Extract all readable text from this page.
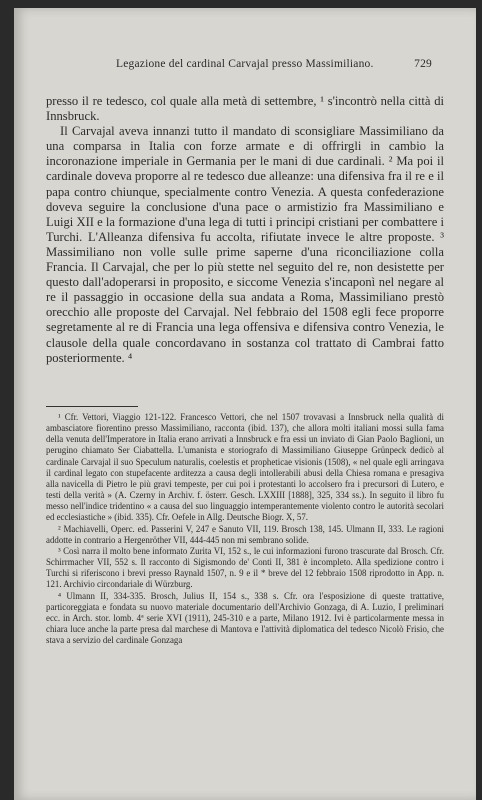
Legazione del cardinal Carvajal presso Massimiliano.	729

presso il re tedesco, col quale alla metà di settembre, ¹ s'incontrò nella città di Innsbruck.

Il Carvajal aveva innanzi tutto il mandato di sconsigliare Massimiliano da una comparsa in Italia con forze armate e di offrirgli in cambio la incoronazione imperiale in Germania per le mani di due cardinali. ² Ma poi il cardinale doveva proporre al re tedesco due alleanze: una difensiva fra il re e il papa contro chiunque, specialmente contro Venezia. A questa confederazione doveva seguire la conclusione d'una pace o armistizio fra Massimiliano e Luigi XII e la formazione d'una lega di tutti i principi cristiani per combattere i Turchi. L'Alleanza difensiva fu accolta, rifiutate invece le altre proposte. ³ Massimiliano non volle sulle prime saperne d'una riconciliazione colla Francia. Il Carvajal, che per lo più stette nel seguito del re, non desistette per questo dall'adoperarsi in proposito, e siccome Venezia s'incaponì nel negare al re il passaggio in occasione della sua andata a Roma, Massimiliano prestò orecchio alle proposte del Carvajal. Nel febbraio del 1508 egli fece proporre segretamente al re di Francia una lega offensiva e difensiva contro Venezia, le clausole della quale concordavano in sostanza col trattato di Cambrai fatto posteriormente. ⁴

¹ Cfr. Vettori, Viaggio 121-122. Francesco Vettori, che nel 1507 trovavasi a Innsbruck nella qualità di ambasciatore fiorentino presso Massimiliano, racconta (ibid. 137), che allora molti italiani mossi sulla fama della venuta dell'Imperatore in Italia erano arrivati a Innsbruck e fra essi un inviato di Gian Paolo Baglioni, un perugino chiamato Ser Ciabattella. L'umanista e storiografo di Massimiliano Giuseppe Grünpeck dedicò al cardinale Carvajal il suo Speculum naturalis, coelestis et propheticae visionis (1508), « nel quale egli arringava il cardinal legato con stupefacente arditezza a causa degli intollerabili abusi della Chiesa romana e presagiva alla navicella di Pietro le più gravi tempeste, per cui poi i protestanti lo accolsero fra i precursori di Lutero, e testi della verità » (A. Czerny in Archiv. f. österr. Gesch. LXXIII [1888], 325, 334 ss.). In seguito il libro fu messo nell'indice tridentino « a causa del suo linguaggio intemperantemente violento contro le autorità secolari ed ecclesiastiche » (ibid. 335). Cfr. Oefele in Allg. Deutsche Biogr. X, 57.

² Machiavelli, Operc. ed. Passerini V, 247 e Sanuto VII, 119. Brosch 138, 145. Ulmann II, 333. Le ragioni addotte in contrario a Hergenröther VII, 444-445 non mi sembrano solide.

³ Così narra il molto bene informato Zurita VI, 152 s., le cui informazioni furono trascurate dal Brosch. Cfr. Schirrmacher VII, 552 s. Il racconto di Sigismondo de' Conti II, 381 è incompleto. Alla spedizione contro i Turchi si riferiscono i brevi presso Raynald 1507, n. 9 e il * breve del 12 febbraio 1508 riprodotto in App. n. 121. Archivio circondariale di Würzburg.

⁴ Ulmann II, 334-335. Brosch, Julius II, 154 s., 338 s. Cfr. ora l'esposizione di queste trattative, particoreggiata e fondata su nuovo materiale documentario dell'Archivio Gonzaga, di A. Luzio, I preliminari ecc. in Arch. stor. lomb. 4ª serie XVI (1911), 245-310 e a parte, Milano 1912. Ivi è particolarmente messa in chiara luce anche la parte presa dal marchese di Mantova e l'attività diplomatica del tedesco Nicolò Frisio, che stava a servizio del cardinale Gonzaga
